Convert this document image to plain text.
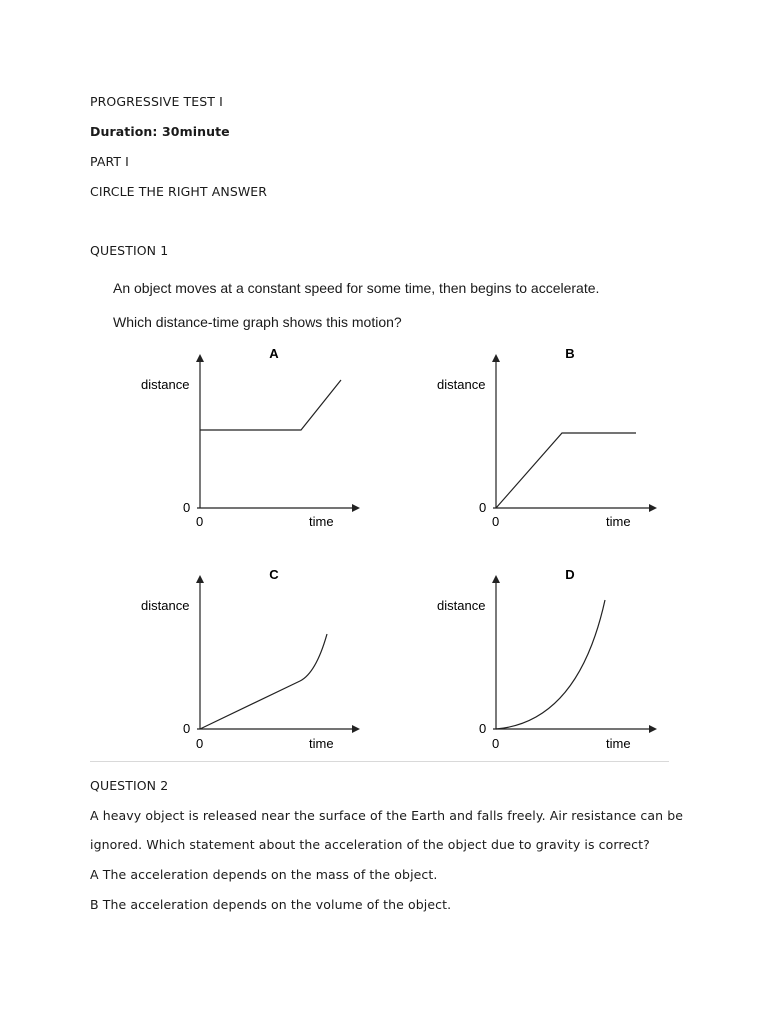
PROGRESSIVE TEST I
Duration: 30minute
PART I
CIRCLE THE RIGHT ANSWER
QUESTION 1
An object moves at a constant speed for some time, then begins to accelerate.
Which distance-time graph shows this motion?
A
distance
0
0	time
B
distance
0
0	time
C
distance
0
0	time
D
distance
0
0	time
QUESTION 2
A heavy object is released near the surface of the Earth and falls freely. Air resistance can be
ignored. Which statement about the acceleration of the object due to gravity is correct?
A The acceleration depends on the mass of the object.
B The acceleration depends on the volume of the object.
